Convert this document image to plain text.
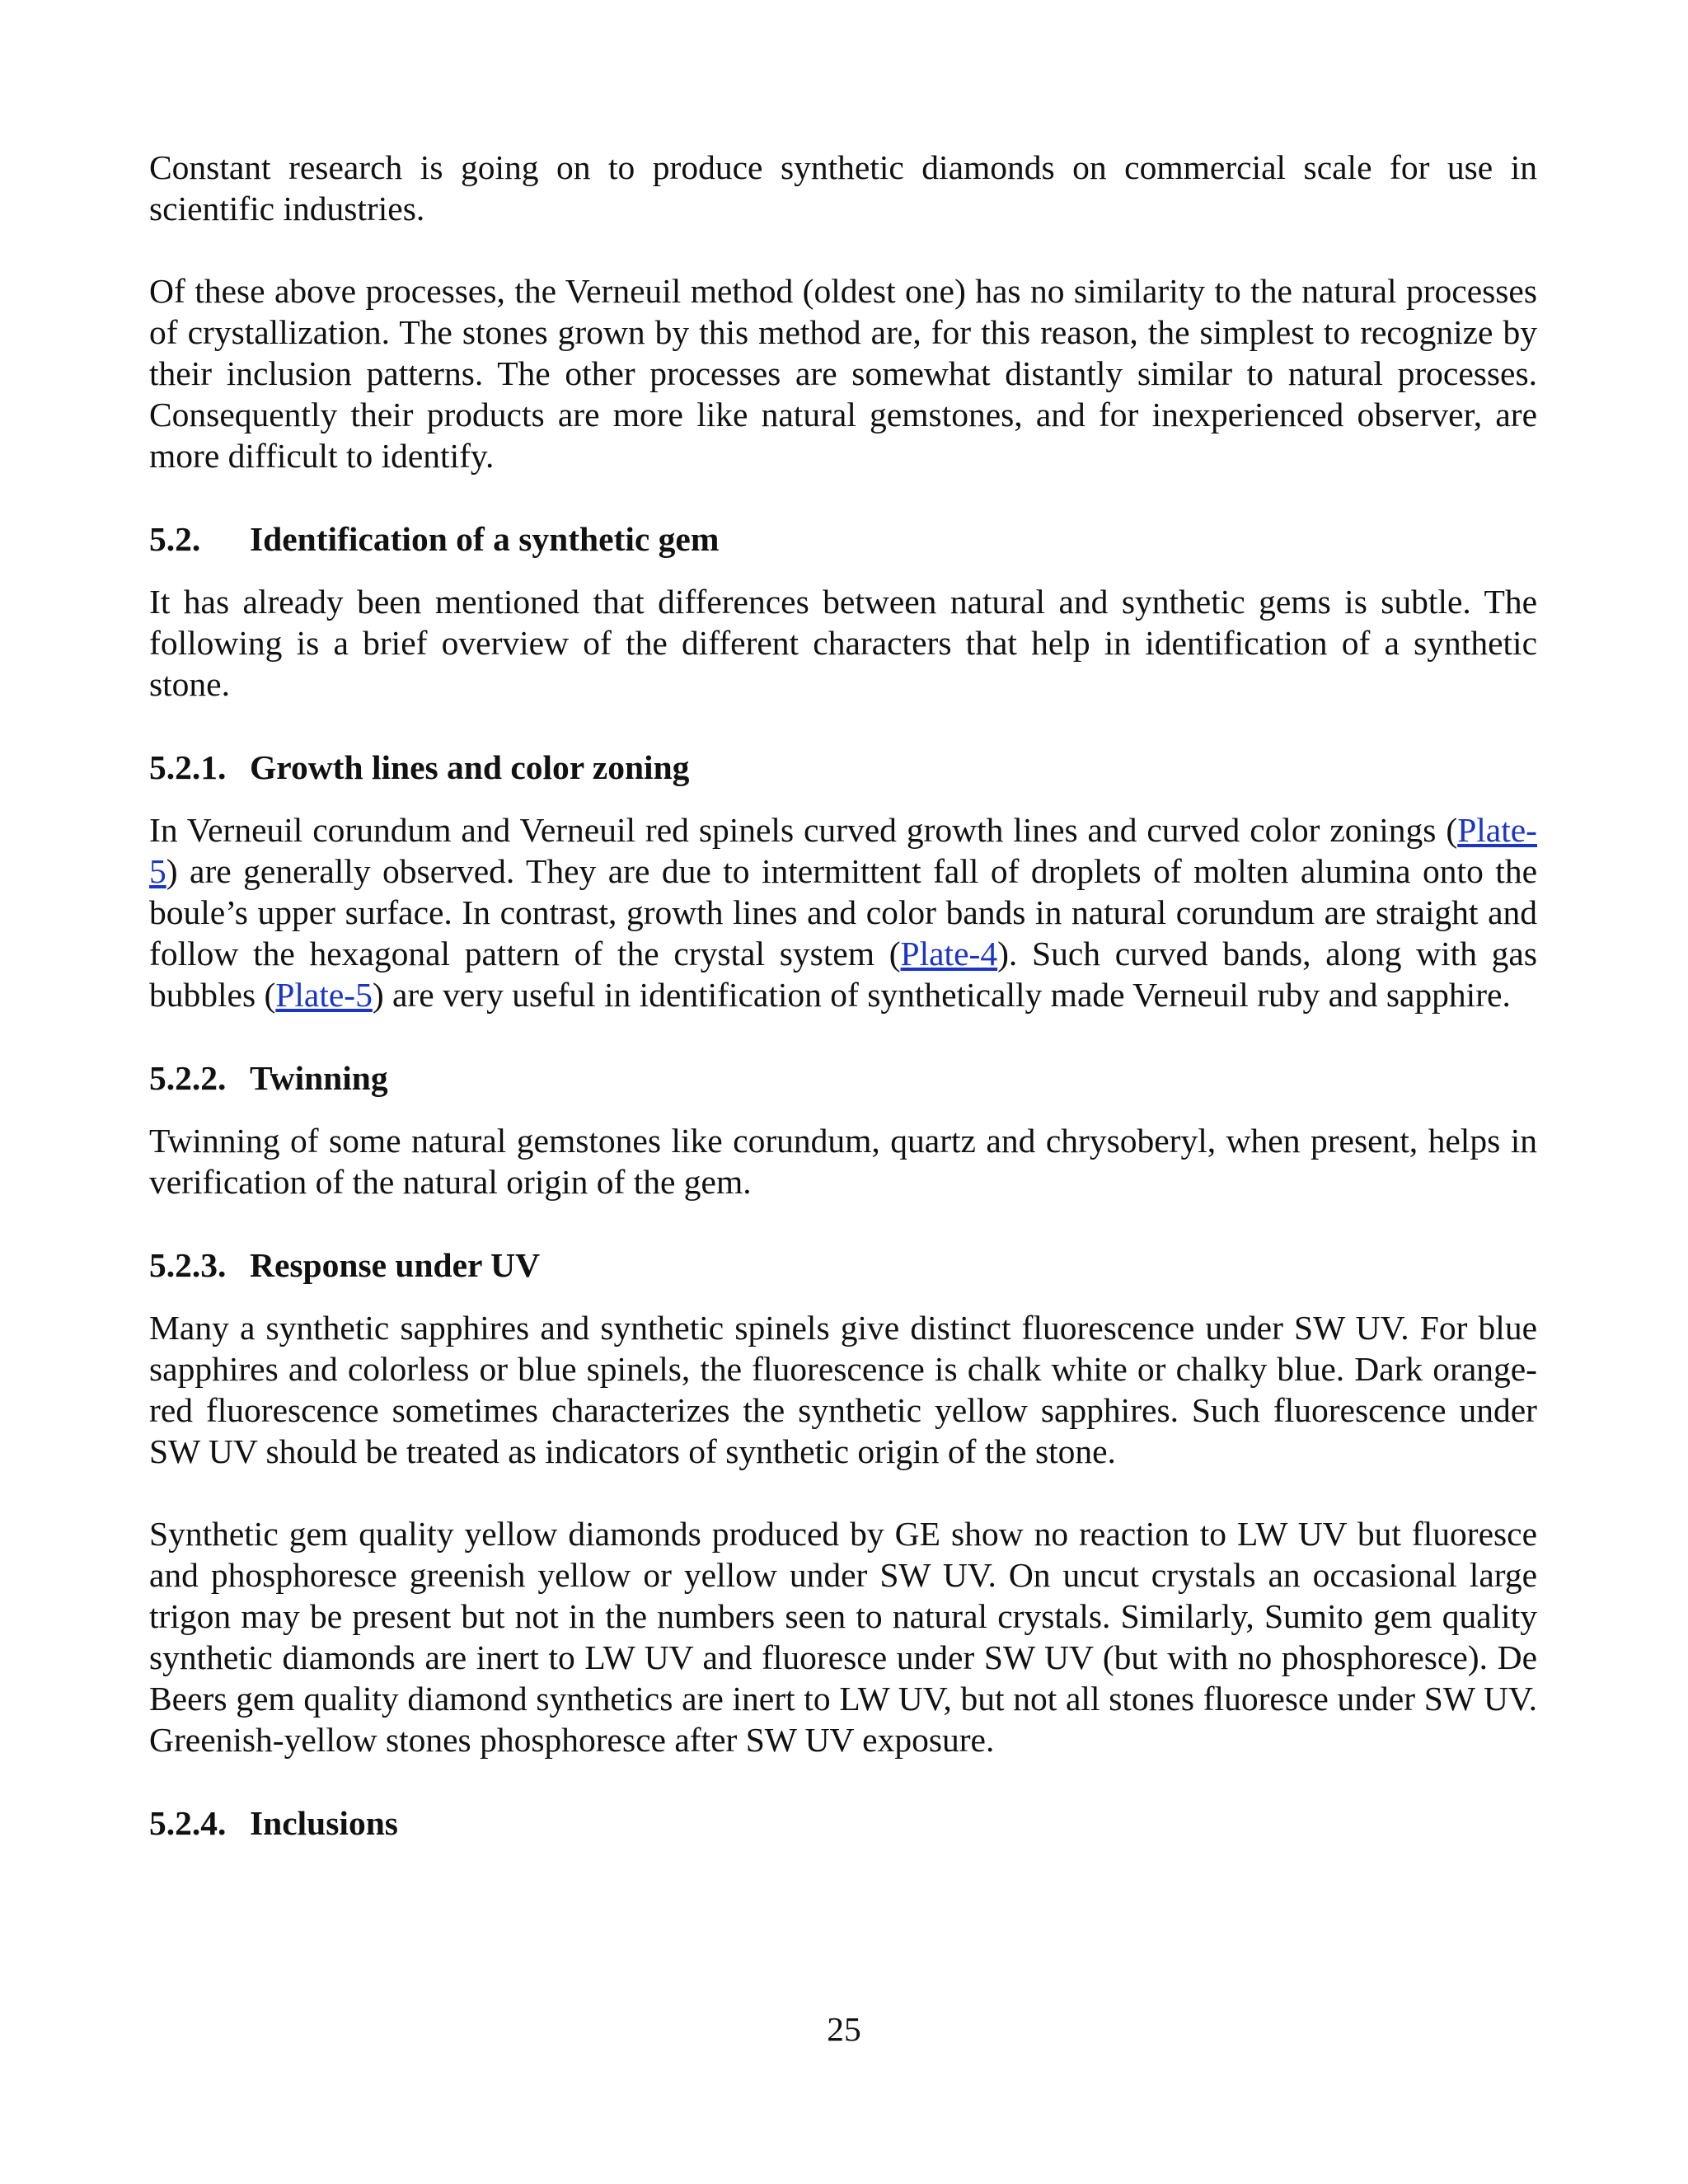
Constant research is going on to produce synthetic diamonds on commercial scale for use in scientific industries.

Of these above processes, the Verneuil method (oldest one) has no similarity to the natural processes of crystallization. The stones grown by this method are, for this reason, the simplest to recognize by their inclusion patterns. The other processes are somewhat distantly similar to natural processes. Consequently their products are more like natural gemstones, and for inexperienced observer, are more difficult to identify.

5.2. Identification of a synthetic gem

It has already been mentioned that differences between natural and synthetic gems is subtle. The following is a brief overview of the different characters that help in identification of a synthetic stone.

5.2.1. Growth lines and color zoning

In Verneuil corundum and Verneuil red spinels curved growth lines and curved color zonings (Plate-5) are generally observed. They are due to intermittent fall of droplets of molten alumina onto the boule’s upper surface. In contrast, growth lines and color bands in natural corundum are straight and follow the hexagonal pattern of the crystal system (Plate-4). Such curved bands, along with gas bubbles (Plate-5) are very useful in identification of synthetically made Verneuil ruby and sapphire.

5.2.2. Twinning

Twinning of some natural gemstones like corundum, quartz and chrysoberyl, when present, helps in verification of the natural origin of the gem.

5.2.3. Response under UV

Many a synthetic sapphires and synthetic spinels give distinct fluorescence under SW UV. For blue sapphires and colorless or blue spinels, the fluorescence is chalk white or chalky blue. Dark orange-red fluorescence sometimes characterizes the synthetic yellow sapphires. Such fluorescence under SW UV should be treated as indicators of synthetic origin of the stone.

Synthetic gem quality yellow diamonds produced by GE show no reaction to LW UV but fluoresce and phosphoresce greenish yellow or yellow under SW UV. On uncut crystals an occasional large trigon may be present but not in the numbers seen to natural crystals. Similarly, Sumito gem quality synthetic diamonds are inert to LW UV and fluoresce under SW UV (but with no phosphoresce). De Beers gem quality diamond synthetics are inert to LW UV, but not all stones fluoresce under SW UV. Greenish-yellow stones phosphoresce after SW UV exposure.

5.2.4. Inclusions
25
